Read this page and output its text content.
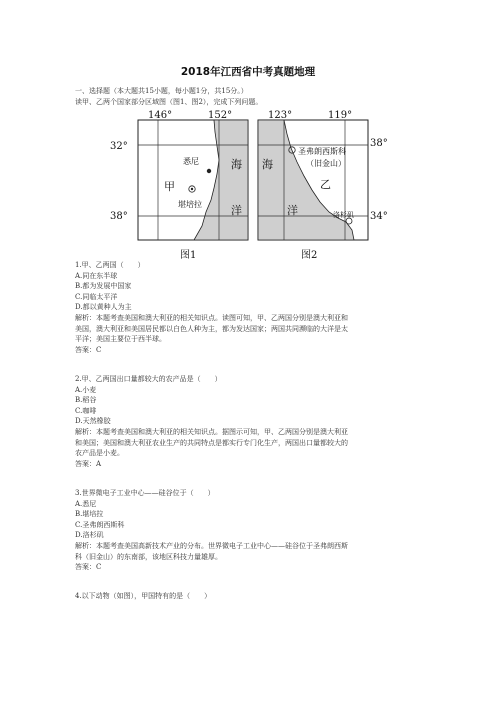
2018年江西省中考真题地理
一、选择题（本大题共15小题，每小题1分，共15分。）
读甲、乙两个国家部分区域图（图1、图2），完成下列问题。
146°	152°
32°
38°
悉尼
堪培拉
甲
海
洋
图1
123°	119°
38°
34°
圣弗朗西斯科
（旧金山）
洛杉矶
乙
海
洋
图2
1.甲、乙两国（　　）
A.同在东半球
B.都为发展中国家
C.同临太平洋
D.都以黄种人为主
解析：本题考查美国和澳大利亚的相关知识点。读图可知，甲、乙两国分别是澳大利亚和
美国，澳大利亚和美国居民都以白色人种为主，都为发达国家；两国共同濒临的大洋是太
平洋；美国主要位于西半球。
答案：C
2.甲、乙两国出口量都较大的农产品是（　　）
A.小麦
B.稻谷
C.咖啡
D.天然橡胶
解析：本题考查美国和澳大利亚的相关知识点。据图示可知，甲、乙两国分别是澳大利亚
和美国；美国和澳大利亚农业生产的共同特点是都实行专门化生产，两国出口量都较大的
农产品是小麦。
答案：A
3.世界微电子工业中心——硅谷位于（　　）
A.悉尼
B.堪培拉
C.圣弗朗西斯科
D.洛杉矶
解析：本题考查美国高新技术产业的分布。世界微电子工业中心——硅谷位于圣弗朗西斯
科（旧金山）的东南部，该地区科技力量雄厚。
答案：C
4.以下动物（如图），甲国特有的是（　　）
